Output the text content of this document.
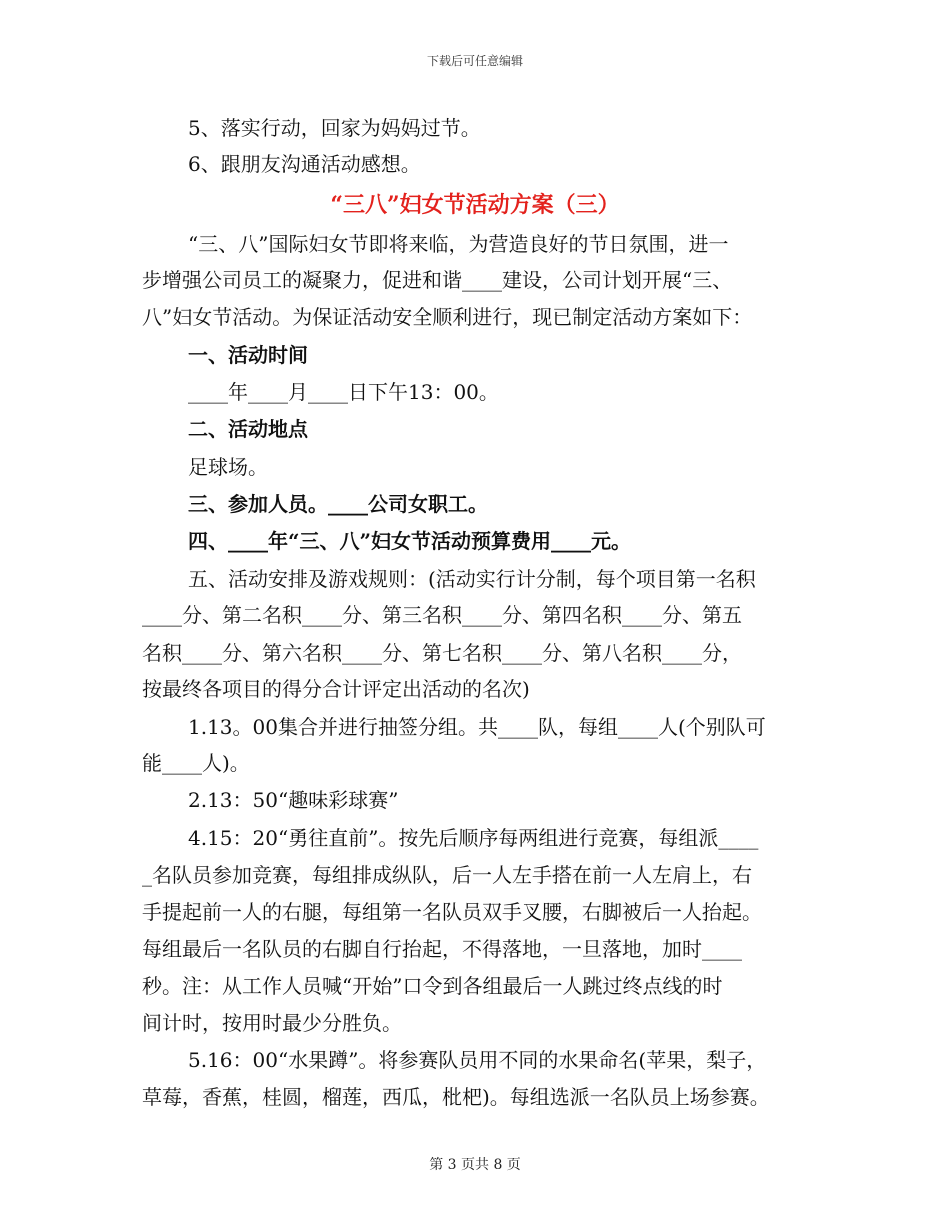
下载后可任意编辑
5、落实行动，回家为妈妈过节。
6、跟朋友沟通活动感想。
“三八”妇女节活动方案（三）
“三、八”国际妇女节即将来临，为营造良好的节日氛围，进一
步增强公司员工的凝聚力，促进和谐____建设，公司计划开展“三、
八”妇女节活动。为保证活动安全顺利进行，现已制定活动方案如下：
一、活动时间
____年____月____日下午13：00。
二、活动地点
足球场。
三、参加人员。____公司女职工。
四、____年“三、八”妇女节活动预算费用____元。
五、活动安排及游戏规则：(活动实行计分制，每个项目第一名积
____分、第二名积____分、第三名积____分、第四名积____分、第五
名积____分、第六名积____分、第七名积____分、第八名积____分，
按最终各项目的得分合计评定出活动的名次)
1.13。00集合并进行抽签分组。共____队，每组____人(个别队可
能____人)。
2.13：50“趣味彩球赛”
4.15：20“勇往直前”。按先后顺序每两组进行竞赛，每组派____
_名队员参加竞赛，每组排成纵队，后一人左手搭在前一人左肩上，右
手提起前一人的右腿，每组第一名队员双手叉腰，右脚被后一人抬起。
每组最后一名队员的右脚自行抬起，不得落地，一旦落地，加时____
秒。注：从工作人员喊“开始”口令到各组最后一人跳过终点线的时
间计时，按用时最少分胜负。
5.16：00“水果蹲”。将参赛队员用不同的水果命名(苹果，梨子，
草莓，香蕉，桂圆，榴莲，西瓜，枇杷)。每组选派一名队员上场参赛。
第 3 页共 8 页
